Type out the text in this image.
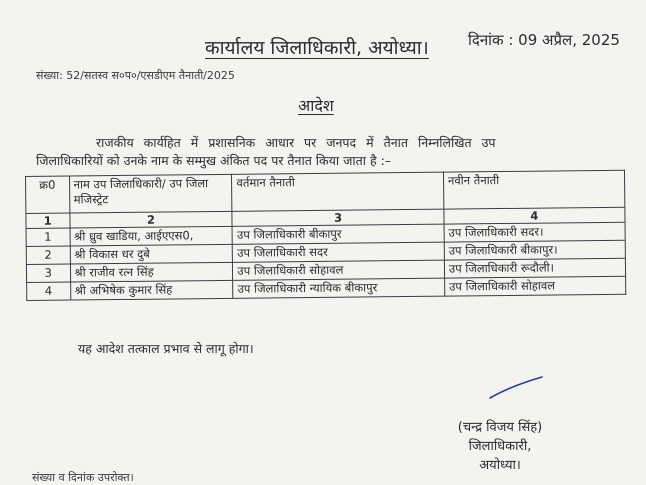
कार्यालय जिलाधिकारी, अयोध्या।	दिनांक : 09 अप्रैल, 2025
संख्या: 52/सतस्व स०प०/एसडीएम तैनाती/2025
आदेश
राजकीय कार्यहित में प्रशासनिक आधार पर जनपद में तैनात निम्नलिखित उप
जिलाधिकारियों को उनके नाम के सम्मुख अंकित पद पर तैनात किया जाता है :–
क्र0	नाम उप जिलाधिकारी/ उप जिला मजिस्ट्रेट	वर्तमान तैनाती	नवीन तैनाती
1	2	3	4
1	श्री ध्रुव खाडिया, आईएएस0,	उप जिलाधिकारी बीकापुर	उप जिलाधिकारी सदर।
2	श्री विकास धर दुबे	उप जिलाधिकारी सदर	उप जिलाधिकारी बीकापुर।
3	श्री राजीव रत्न सिंह	उप जिलाधिकारी सोहावल	उप जिलाधिकारी रूदौली।
4	श्री अभिषेक कुमार सिंह	उप जिलाधिकारी न्यायिक बीकापुर	उप जिलाधिकारी सोहावल
यह आदेश तत्काल प्रभाव से लागू होगा।
(चन्द्र विजय सिंह)
जिलाधिकारी,
अयोध्या।
संख्या व दिनांक उपरोक्त।
